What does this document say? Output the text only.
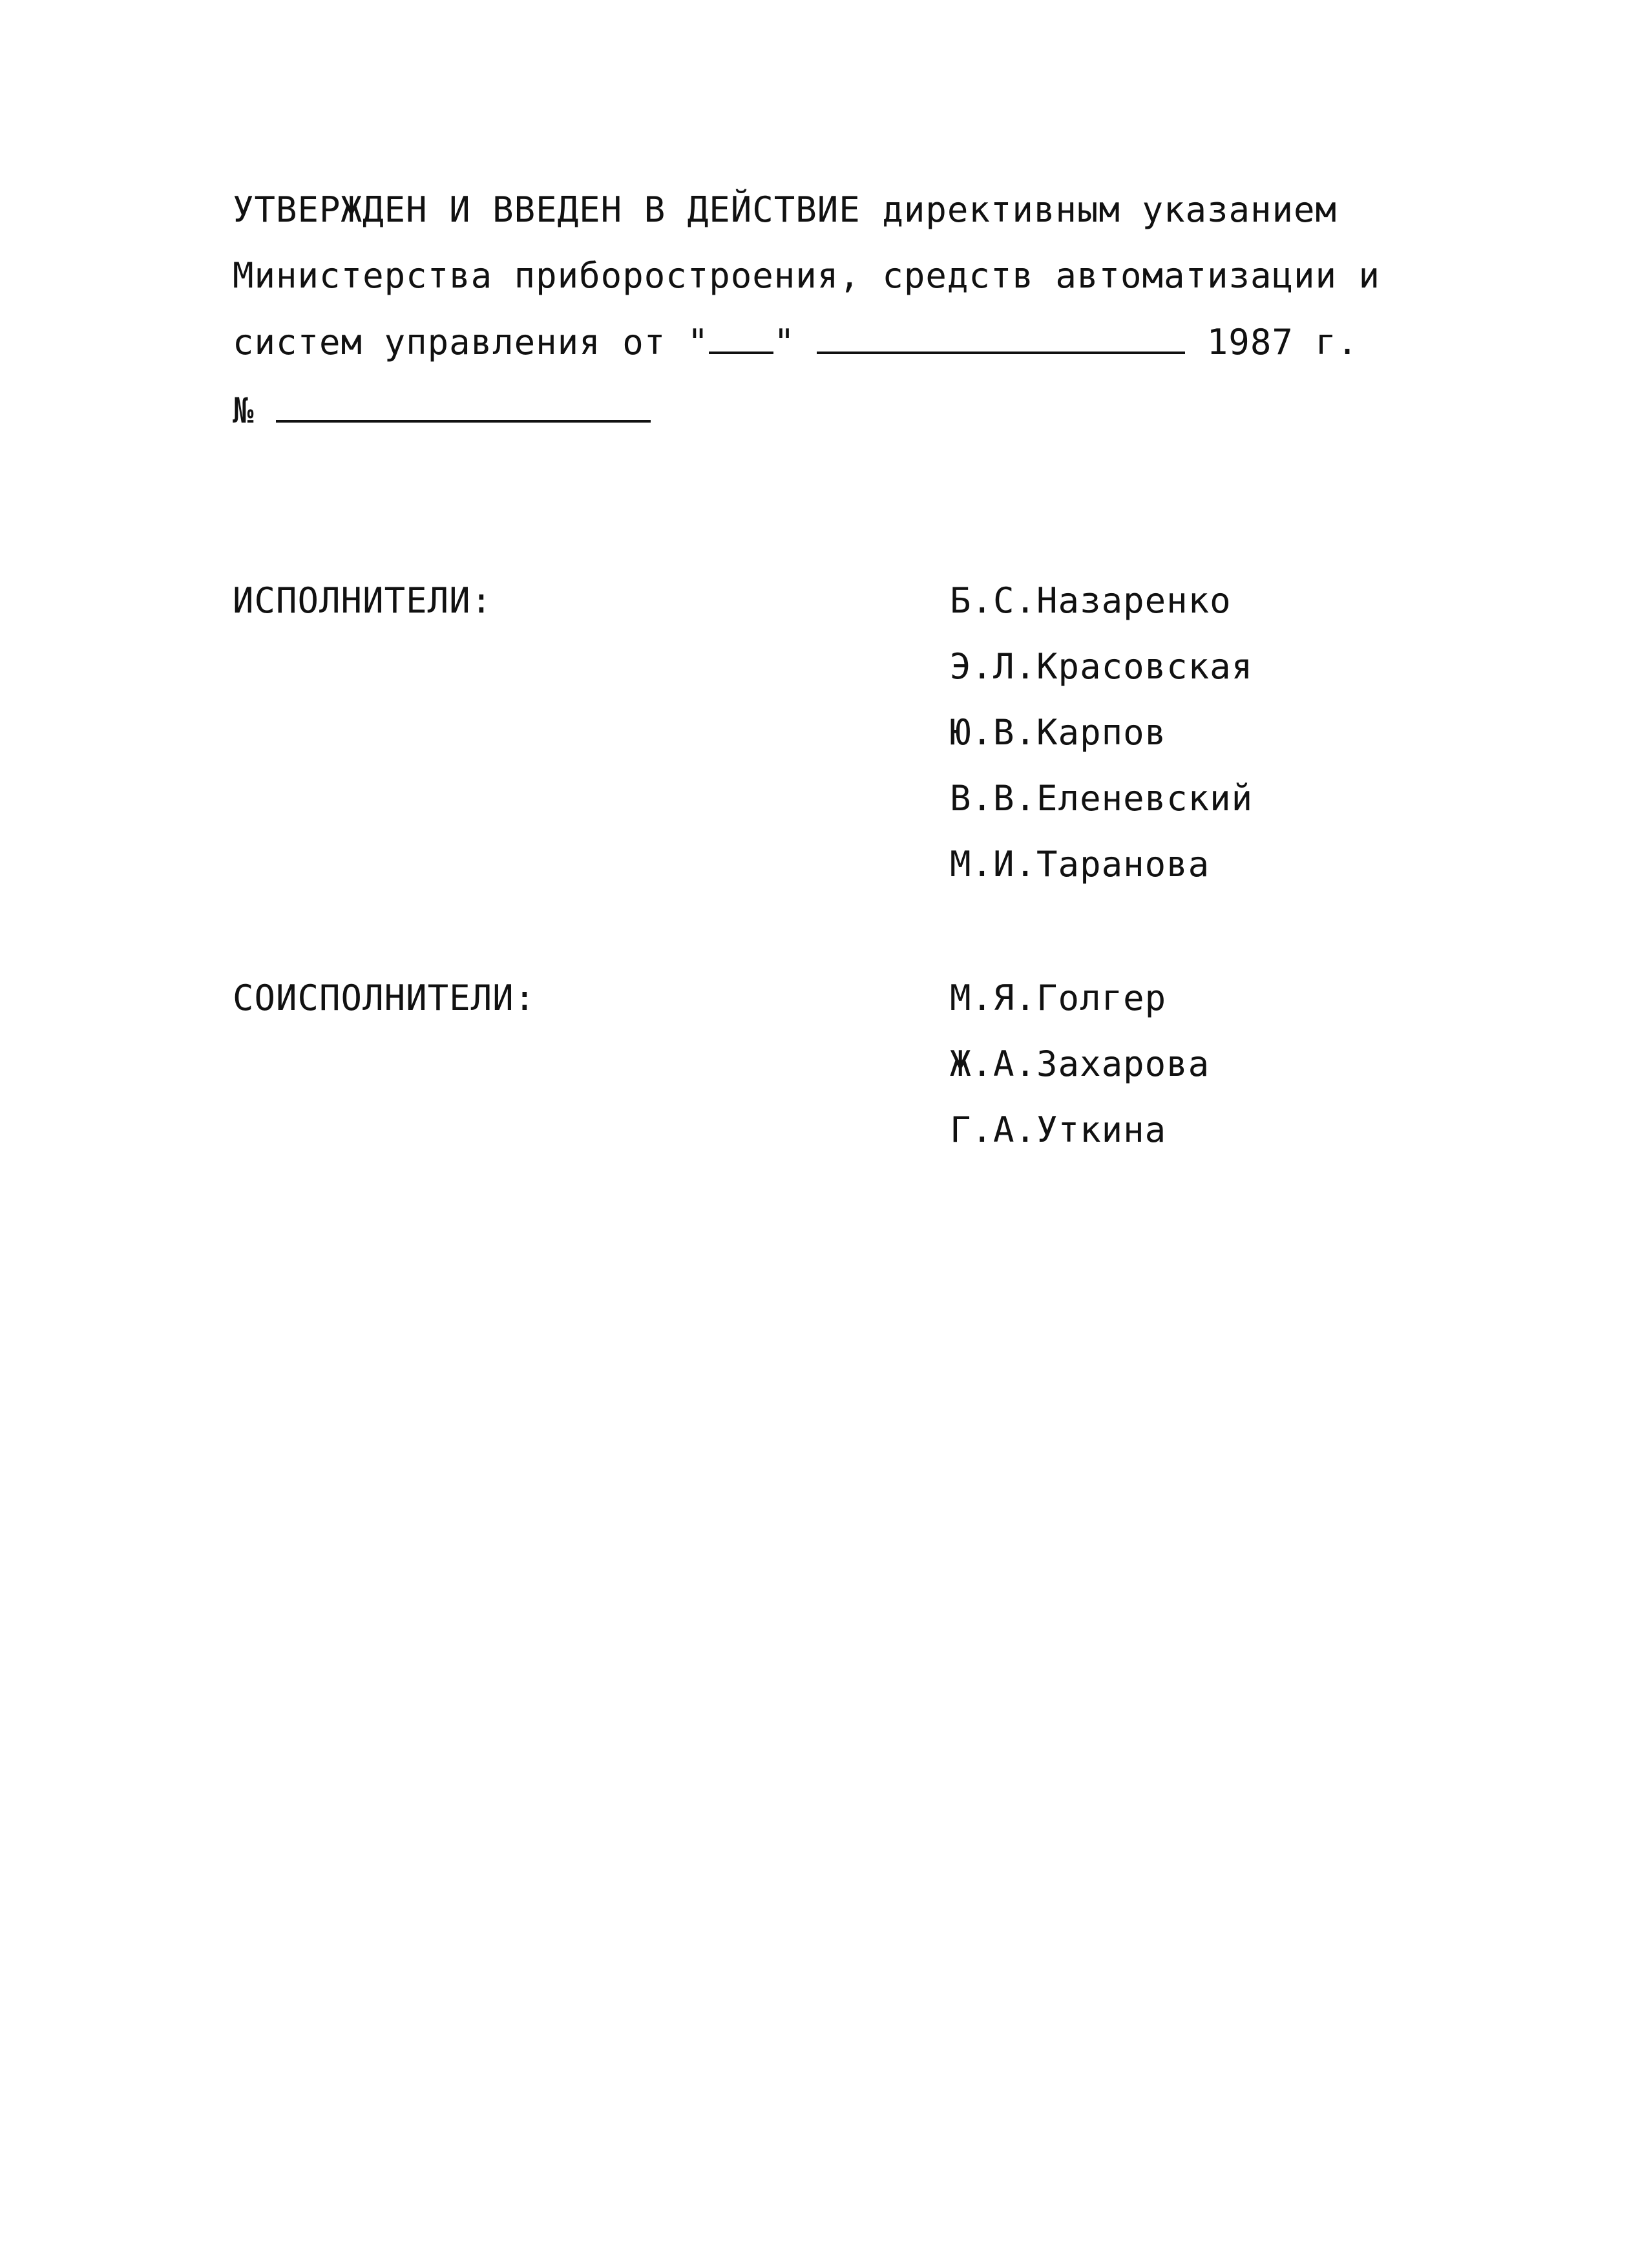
УТВЕРЖДЕН И ВВЕДЕН В ДЕЙСТВИЕ директивным указанием
Министерства приборостроения, средств автоматизации и
систем управления от " "	1987 г.
№
ИСПОЛНИТЕЛИ:	Б.С.Назаренко
Э.Л.Красовская
Ю.В.Карпов
В.В.Еленевский
М.И.Таранова
СОИСПОЛНИТЕЛИ:	М.Я.Голгер
Ж.А.Захарова
Г.А.Уткина
